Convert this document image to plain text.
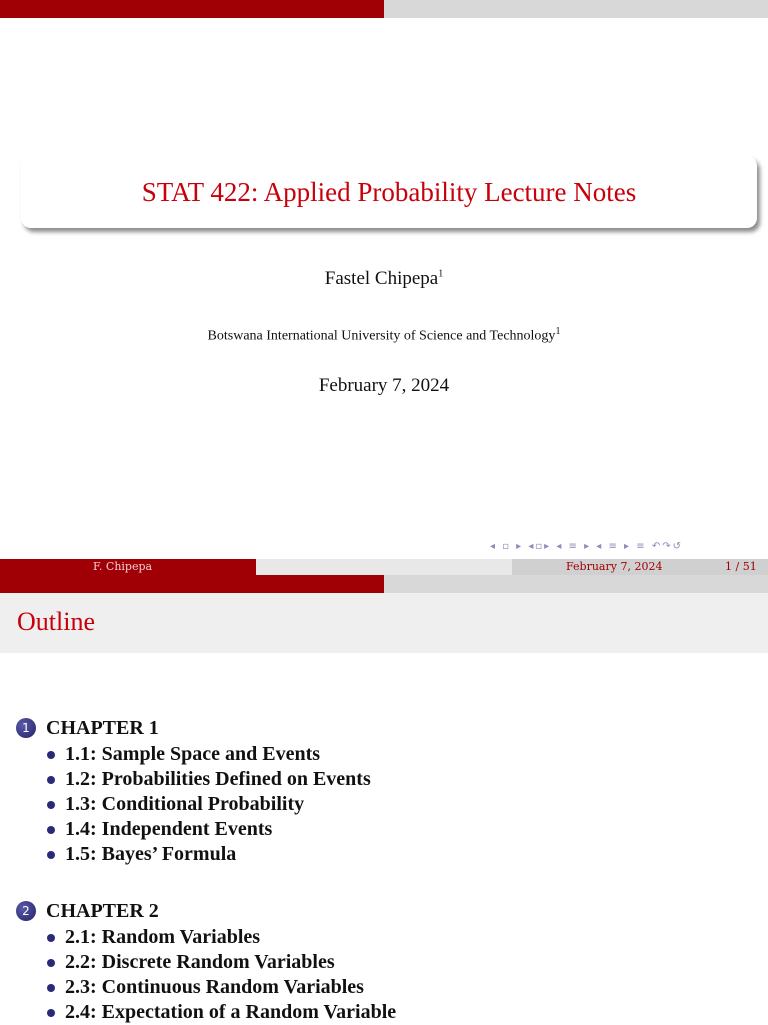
STAT 422: Applied Probability Lecture Notes
Fastel Chipepa$^1$
Botswana International University of Science and Technology$^1$
February 7, 2024
◂ ▫ ▸ ◂▫▸ ◂ ≡ ▸ ◂ ≡ ▸ ≡ ↶↷↺
F. Chipepa	February 7, 2024	1 / 51
Outline
1 CHAPTER 1
1.1: Sample Space and Events
1.2: Probabilities Defined on Events
1.3: Conditional Probability
1.4: Independent Events
1.5: Bayes’ Formula
2 CHAPTER 2
2.1: Random Variables
2.2: Discrete Random Variables
2.3: Continuous Random Variables
2.4: Expectation of a Random Variable
